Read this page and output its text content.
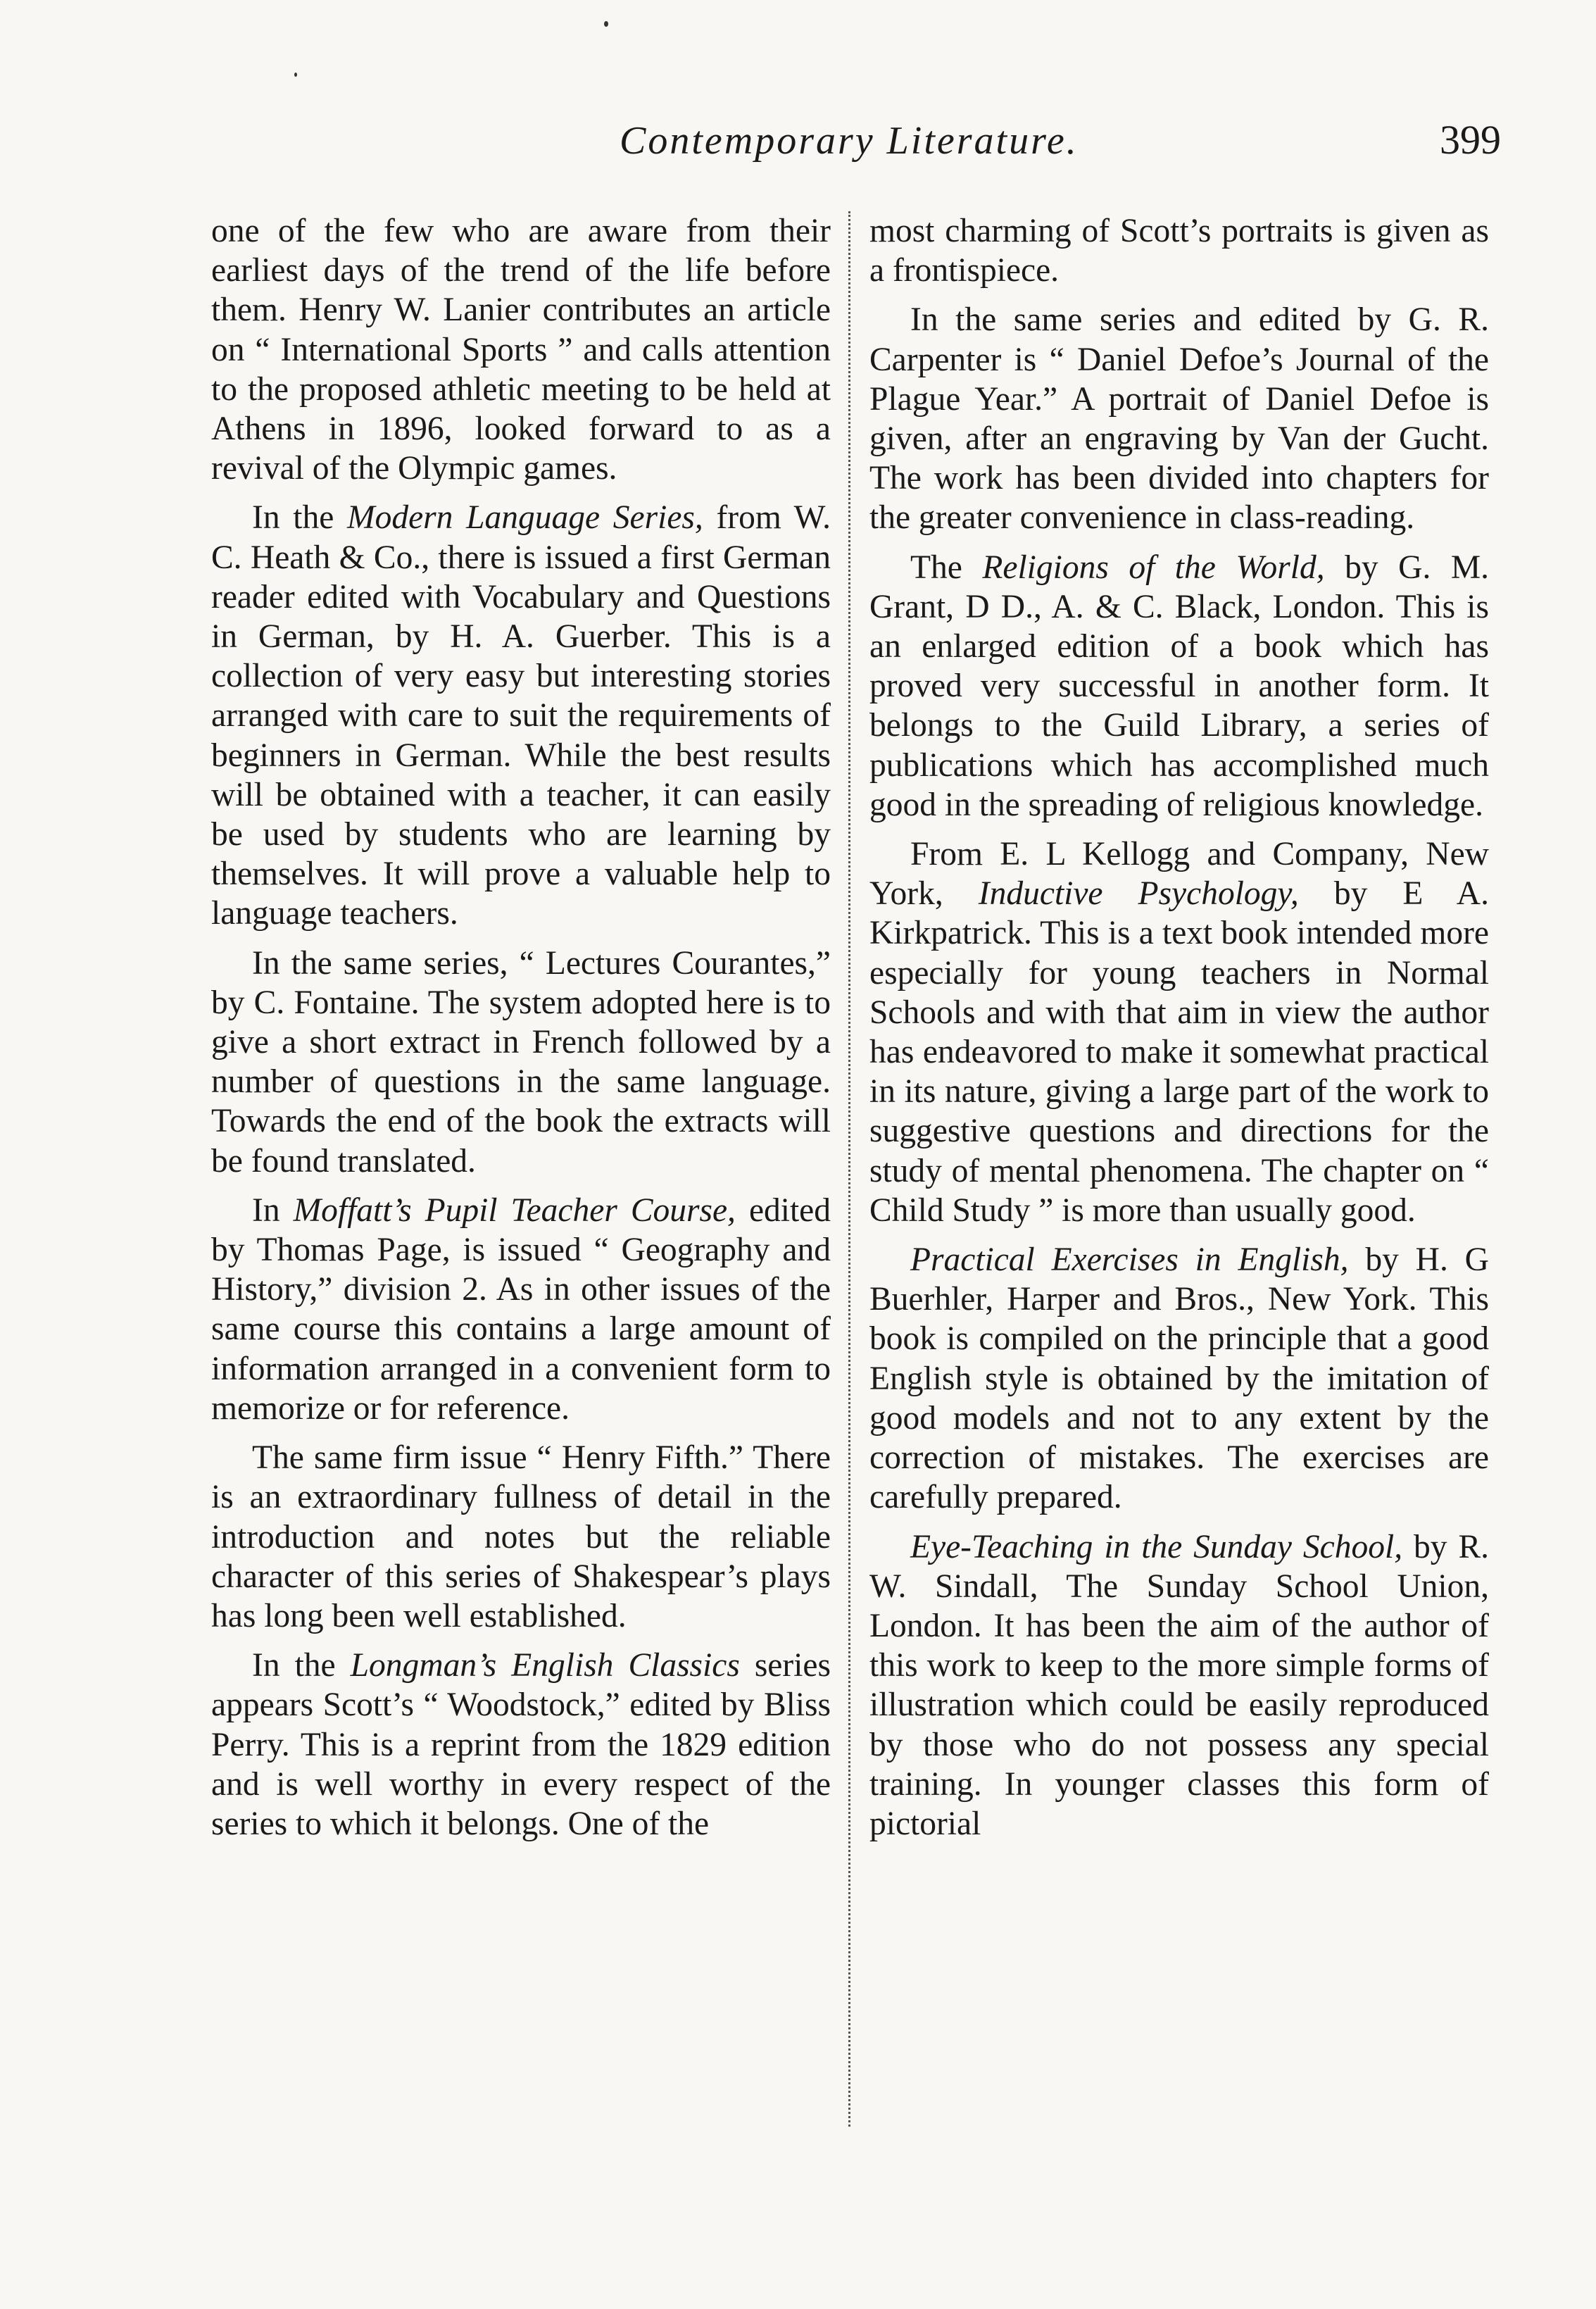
Contemporary Literature.	399

one of the few who are aware from their earliest days of the trend of the life before them. Henry W. Lanier contributes an article on “ International Sports ” and calls attention to the proposed athletic meeting to be held at Athens in 1896, looked forward to as a revival of the Olympic games.

In the Modern Language Series, from W. C. Heath & Co., there is issued a first German reader edited with Vocabulary and Questions in German, by H. A. Guerber. This is a collection of very easy but interesting stories arranged with care to suit the requirements of beginners in German. While the best results will be obtained with a teacher, it can easily be used by students who are learning by themselves. It will prove a valuable help to language teachers.

In the same series, “ Lectures Courantes,” by C. Fontaine. The system adopted here is to give a short extract in French followed by a number of questions in the same language. Towards the end of the book the extracts will be found translated.

In Moffatt’s Pupil Teacher Course, edited by Thomas Page, is issued “ Geography and History,” division 2. As in other issues of the same course this contains a large amount of information arranged in a convenient form to memorize or for reference.

The same firm issue “ Henry Fifth.” There is an extraordinary fullness of detail in the introduction and notes but the reliable character of this series of Shakespear’s plays has long been well established.

In the Longman’s English Classics series appears Scott’s “ Woodstock,” edited by Bliss Perry. This is a reprint from the 1829 edition and is well worthy in every respect of the series to which it belongs. One of the

most charming of Scott’s portraits is given as a frontispiece.

In the same series and edited by G. R. Carpenter is “ Daniel Defoe’s Journal of the Plague Year.” A portrait of Daniel Defoe is given, after an engraving by Van der Gucht. The work has been divided into chapters for the greater convenience in class-reading.

The Religions of the World, by G. M. Grant, D D., A. & C. Black, London. This is an enlarged edition of a book which has proved very successful in another form. It belongs to the Guild Library, a series of publications which has accomplished much good in the spreading of religious knowledge.

From E. L Kellogg and Company, New York, Inductive Psychology, by E A. Kirkpatrick. This is a text book intended more especially for young teachers in Normal Schools and with that aim in view the author has endeavored to make it somewhat practical in its nature, giving a large part of the work to suggestive questions and directions for the study of mental phenomena. The chapter on “ Child Study ” is more than usually good.

Practical Exercises in English, by H. G Buerhler, Harper and Bros., New York. This book is compiled on the principle that a good English style is obtained by the imitation of good models and not to any extent by the correction of mistakes. The exercises are carefully prepared.

Eye-Teaching in the Sunday School, by R. W. Sindall, The Sunday School Union, London. It has been the aim of the author of this work to keep to the more simple forms of illustration which could be easily reproduced by those who do not possess any special training. In younger classes this form of pictorial
